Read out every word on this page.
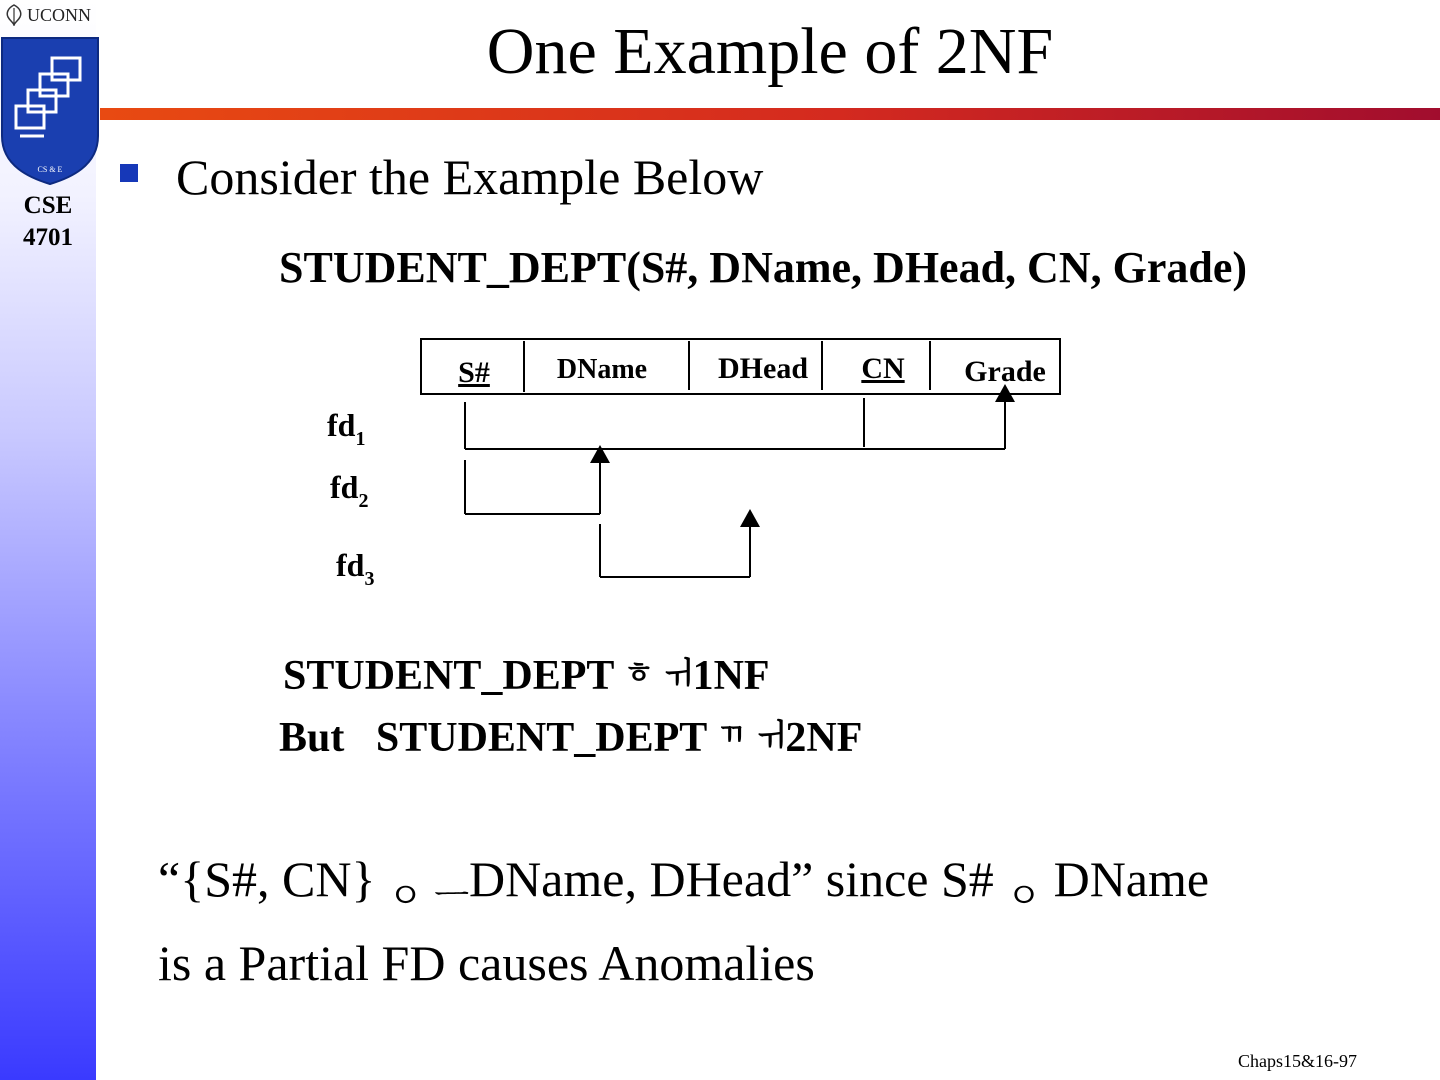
UCONN
CS & E
CSE
4701
One Example of 2NF
Consider the Example Below
STUDENT_DEPT(S#, DName, DHead, CN, Grade)
S# DName DHead CN Grade
$fd_1$
$fd_2$
$fd_3$
STUDENT_DEPT ㅎ ㅟ1NF
But STUDENT_DEPT ㄲ ㅟ2NF
“{S#, CN} $_{ㅇ ㅡ}$DName, DHead” since S# $_ㅇ$ DName
is a Partial FD causes Anomalies
Chaps15&16-97
